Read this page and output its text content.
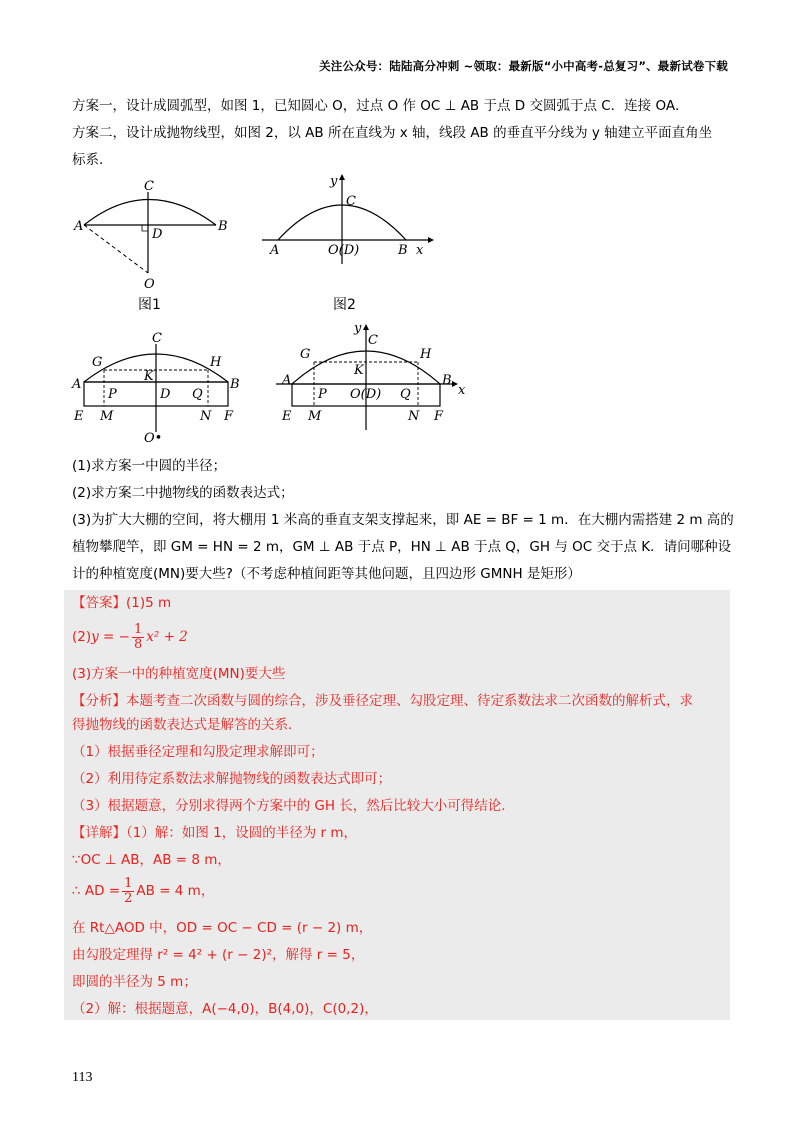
关注公众号：陆陆高分冲刺 ~领取：最新版“小中高考-总复习”、最新试卷下载
方案一，设计成圆弧型，如图 1，已知圆心 O，过点 O 作 OC ⊥ AB 于点 D 交圆弧于点 C．连接 OA．
方案二，设计成抛物线型，如图 2，以 AB 所在直线为 x 轴，线段 AB 的垂直平分线为 y 轴建立平面直角坐
标系．
A	B
C
D
O
图1
y
C
A	B x
O(D)
图2
A	B
C
G	H
K
P	D Q
E M	N F
O•
y
C
G	H
K
A	B
x
P O(D) Q
E M	N F
(1)求方案一中圆的半径；
(2)求方案二中抛物线的函数表达式；
(3)为扩大大棚的空间，将大棚用 1 米高的垂直支架支撑起来，即 AE = BF = 1 m．在大棚内需搭建 2 m 高的
植物攀爬竿，即 GM = HN = 2 m，GM ⊥ AB 于点 P，HN ⊥ AB 于点 Q，GH 与 OC 交于点 K．请问哪种设
计的种植宽度(MN)要大些?（不考虑种植间距等其他问题，且四边形 GMNH 是矩形）
【答案】(1)5 m
(2)y = − $\frac{1}{8} x^2 + 2$
(3)方案一中的种植宽度(MN)要大些
【分析】本题考查二次函数与圆的综合，涉及垂径定理、勾股定理、待定系数法求二次函数的解析式，求
得抛物线的函数表达式是解答的关系．
（1）根据垂径定理和勾股定理求解即可；
（2）利用待定系数法求解抛物线的函数表达式即可；
（3）根据题意，分别求得两个方案中的 GH 长，然后比较大小可得结论．
【详解】（1）解：如图 1，设圆的半径为 r m，
∵OC ⊥ AB，AB = 8 m，
∴ AD = $\frac{1}{2}$ AB = 4 m，
在 Rt△AOD 中，OD = OC − CD = (r − 2) m，
由勾股定理得 r² = 4² + (r − 2)²，解得 r = 5，
即圆的半径为 5 m；
（2）解：根据题意，A(−4,0)，B(4,0)，C(0,2)，
113
